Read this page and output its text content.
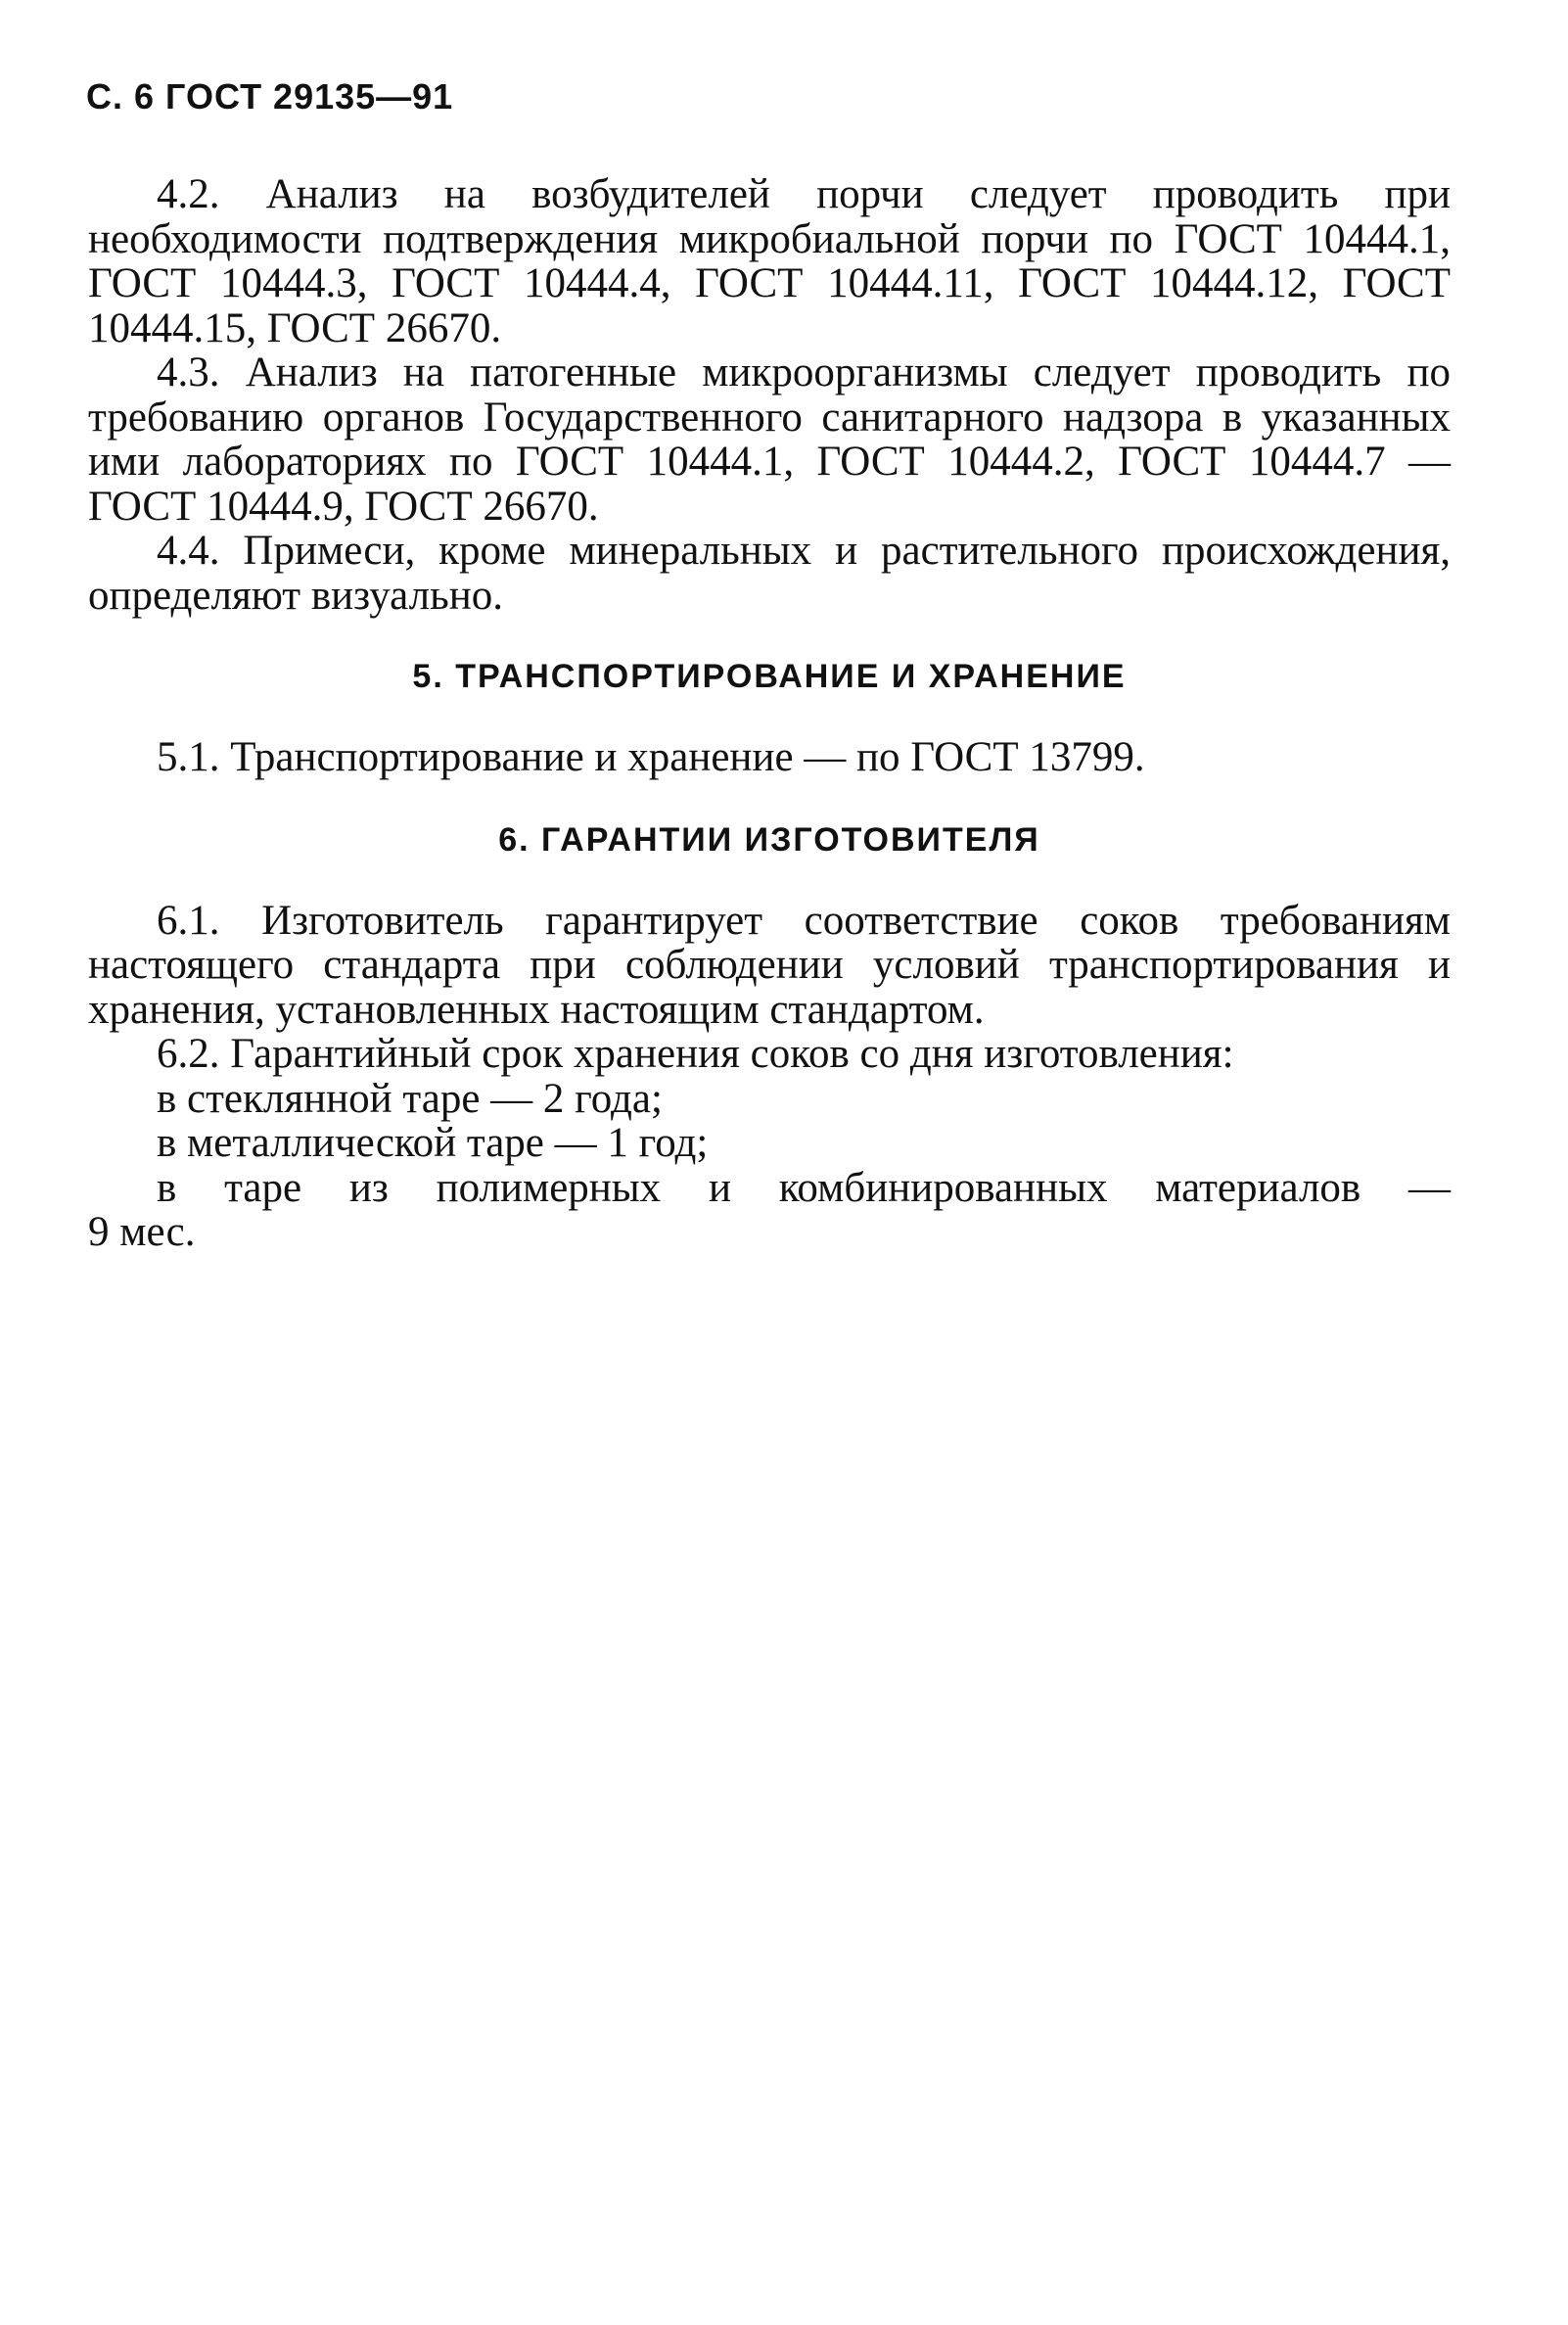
С. 6 ГОСТ 29135—91

4.2. Анализ на возбудителей порчи следует проводить при необходимости подтверждения микробиальной порчи по ГОСТ 10444.1, ГОСТ 10444.3, ГОСТ 10444.4, ГОСТ 10444.11, ГОСТ 10444.12, ГОСТ 10444.15, ГОСТ 26670.

4.3. Анализ на патогенные микроорганизмы следует проводить по требованию органов Государственного санитарного надзора в указанных ими лабораториях по ГОСТ 10444.1, ГОСТ 10444.2, ГОСТ 10444.7 — ГОСТ 10444.9, ГОСТ 26670.

4.4. Примеси, кроме минеральных и растительного происхождения, определяют визуально.

5. ТРАНСПОРТИРОВАНИЕ И ХРАНЕНИЕ

5.1. Транспортирование и хранение — по ГОСТ 13799.

6. ГАРАНТИИ ИЗГОТОВИТЕЛЯ

6.1. Изготовитель гарантирует соответствие соков требованиям настоящего стандарта при соблюдении условий транспортирования и хранения, установленных настоящим стандартом.

6.2. Гарантийный срок хранения соков со дня изготовления:

в стеклянной таре — 2 года;

в металлической таре — 1 год;

в таре из полимерных и комбинированных материалов —

9 мес.
